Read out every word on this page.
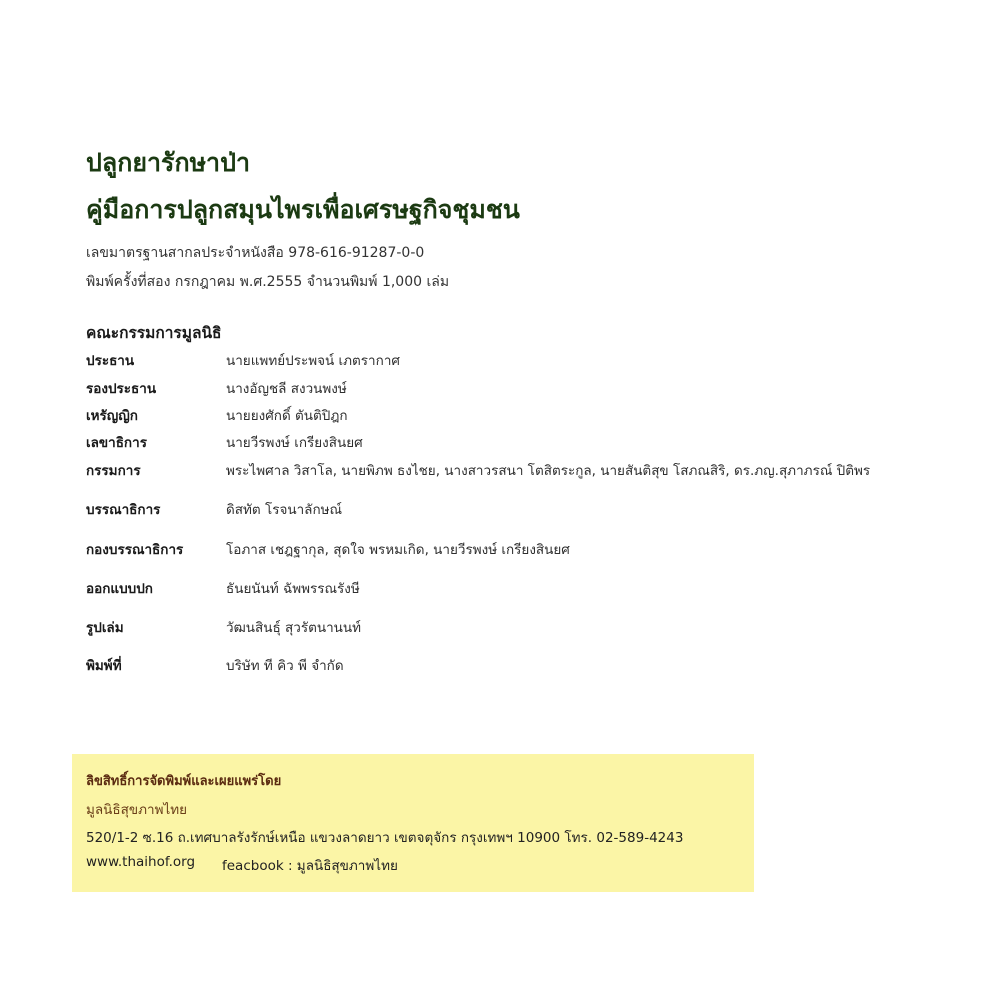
ปลูกยารักษาป่า
คู่มือการปลูกสมุนไพรเพื่อเศรษฐกิจชุมชน
เลขมาตรฐานสากลประจำหนังสือ 978-616-91287-0-0
พิมพ์ครั้งที่สอง กรกฎาคม พ.ศ.2555 จำนวนพิมพ์ 1,000 เล่ม
คณะกรรมการมูลนิธิ
ประธาน	นายแพทย์ประพจน์ เภตรากาศ
รองประธาน	นางอัญชลี สงวนพงษ์
เหรัญญิก	นายยงศักดิ์ ตันติปิฎก
เลขาธิการ	นายวีรพงษ์ เกรียงสินยศ
กรรมการ	พระไพศาล วิสาโล, นายพิภพ ธงไชย, นางสาวรสนา โตสิตระกูล, นายสันติสุข โสภณสิริ, ดร.ภญ.สุภาภรณ์ ปิติพร
บรรณาธิการ	ดิสทัต โรจนาลักษณ์
กองบรรณาธิการ	โอภาส เชฎฐากุล, สุดใจ พรหมเกิด, นายวีรพงษ์ เกรียงสินยศ
ออกแบบปก	ธันยนันท์ ฉัพพรรณรังษี
รูปเล่ม	วัฒนสินธุ์ สุวรัตนานนท์
พิมพ์ที่	บริษัท ที คิว พี จำกัด
ลิขสิทธิ์การจัดพิมพ์และเผยแพร่โดย
มูลนิธิสุขภาพไทย
520/1-2 ซ.16 ถ.เทศบาลรังรักษ์เหนือ แขวงลาดยาว เขตจตุจักร กรุงเทพฯ 10900 โทร. 02-589-4243
www.thaihof.org feacbook : มูลนิธิสุขภาพไทย
